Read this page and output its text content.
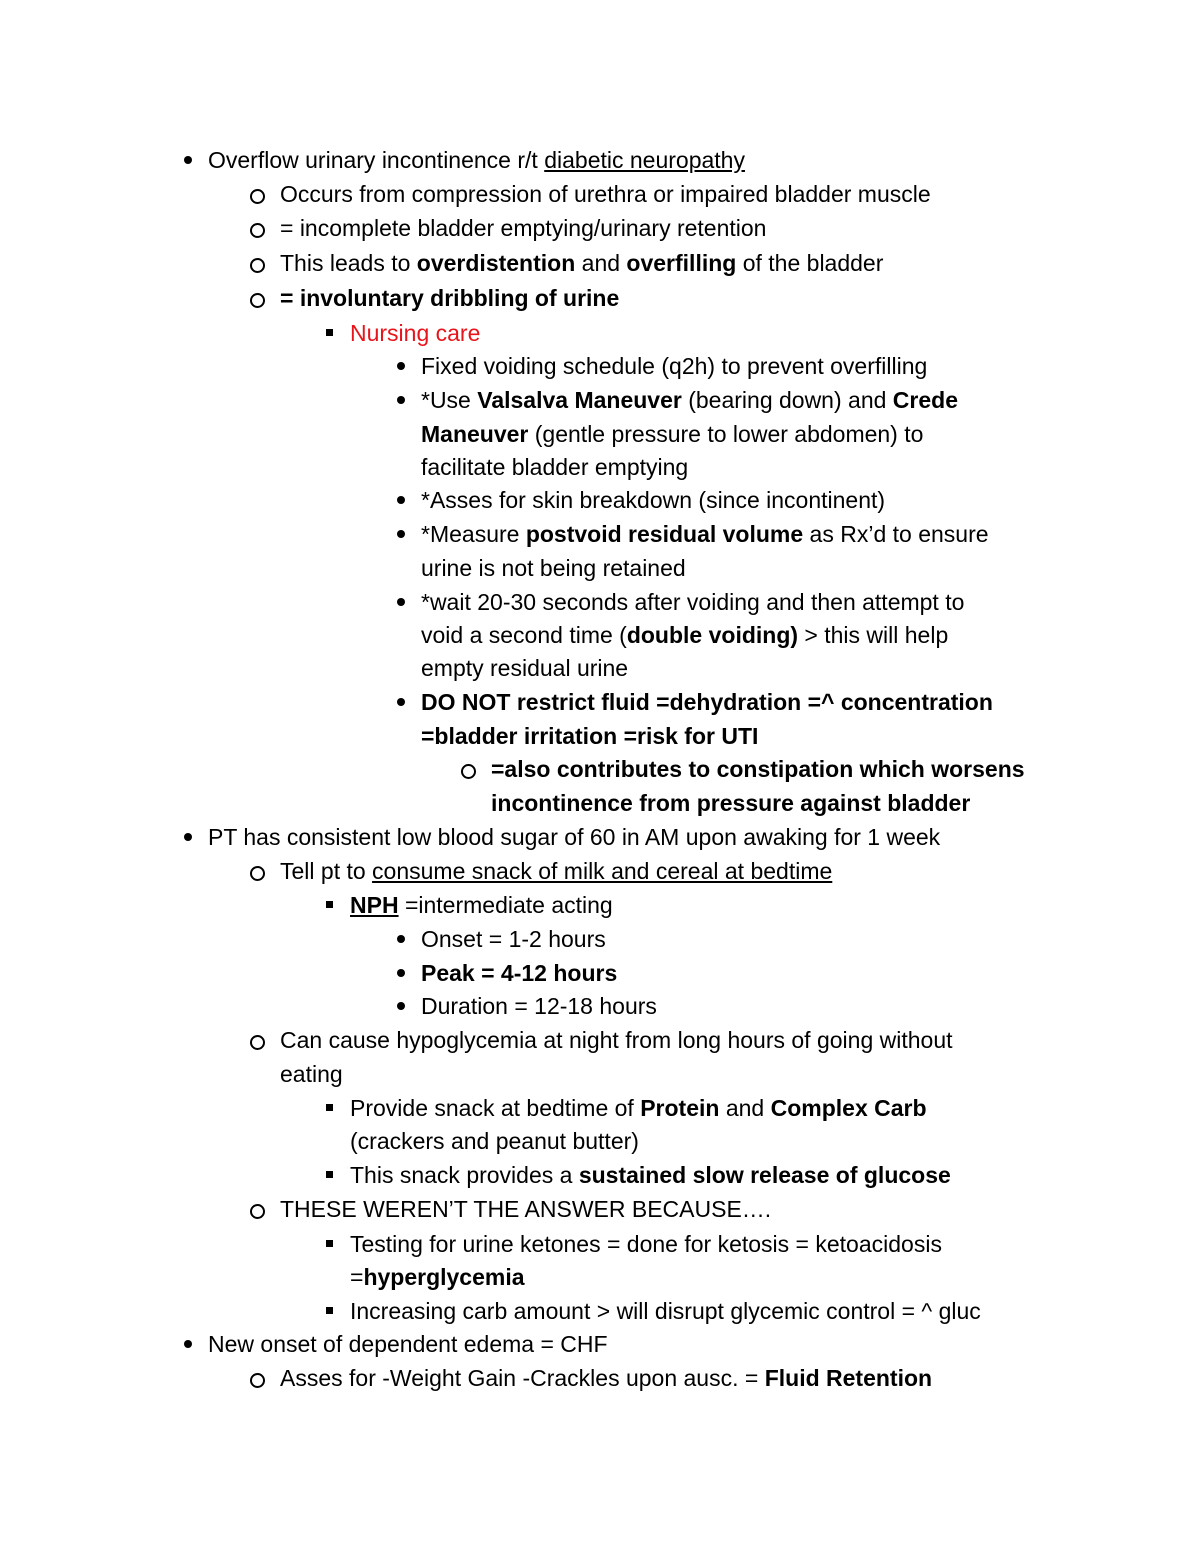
Overflow urinary incontinence r/t diabetic neuropathy
Occurs from compression of urethra or impaired bladder muscle
= incomplete bladder emptying/urinary retention
This leads to overdistention and overfilling of the bladder
= involuntary dribbling of urine
Nursing care
Fixed voiding schedule (q2h) to prevent overfilling
*Use Valsalva Maneuver (bearing down) and Crede
Maneuver (gentle pressure to lower abdomen) to
facilitate bladder emptying
*Asses for skin breakdown (since incontinent)
*Measure postvoid residual volume as Rx’d to ensure
urine is not being retained
*wait 20-30 seconds after voiding and then attempt to
void a second time (double voiding) > this will help
empty residual urine
DO NOT restrict fluid =dehydration =^ concentration
=bladder irritation =risk for UTI
=also contributes to constipation which worsens
incontinence from pressure against bladder
PT has consistent low blood sugar of 60 in AM upon awaking for 1 week
Tell pt to consume snack of milk and cereal at bedtime
NPH =intermediate acting
Onset = 1-2 hours
Peak = 4-12 hours
Duration = 12-18 hours
Can cause hypoglycemia at night from long hours of going without
eating
Provide snack at bedtime of Protein and Complex Carb
(crackers and peanut butter)
This snack provides a sustained slow release of glucose
THESE WEREN’T THE ANSWER BECAUSE….
Testing for urine ketones = done for ketosis = ketoacidosis
=hyperglycemia
Increasing carb amount > will disrupt glycemic control = ^ gluc
New onset of dependent edema = CHF
Asses for -Weight Gain -Crackles upon ausc. = Fluid Retention
